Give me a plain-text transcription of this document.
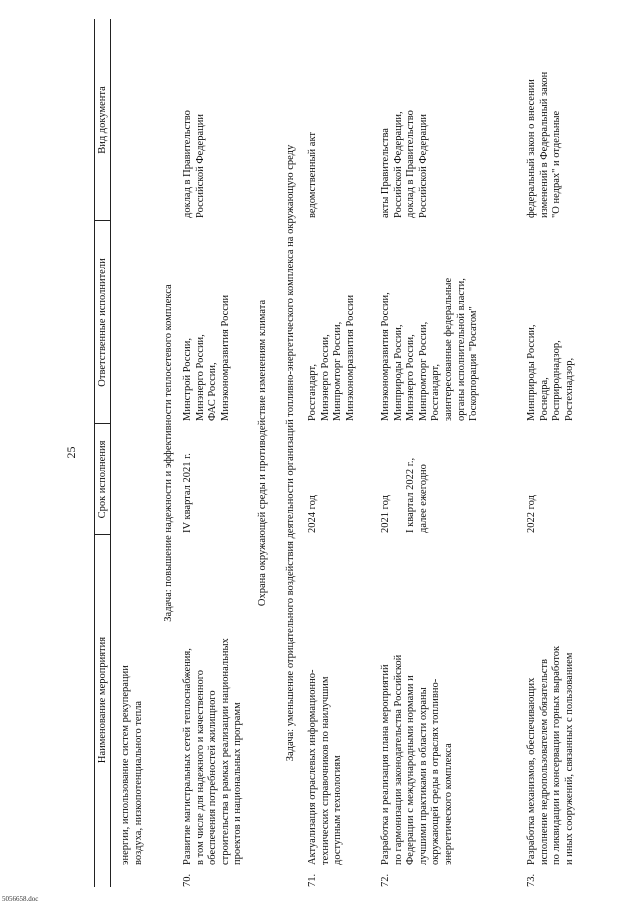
25
Наименование мероприятия
Срок исполнения
Ответственные исполнители
Вид документа
энергии, использование систем рекуперации
воздуха, низкопотенциального тепла
Задача: повышение надежности и эффективности теплосетевого комплекса
70.
Развитие магистральных сетей теплоснабжения,
в том числе для надежного и качественного
обеспечения потребностей жилищного
строительства в рамках реализации национальных
проектов и национальных программ
IV квартал 2021 г.
Минстрой России,
Минэнерго России,
ФАС России,
Минэкономразвития России
доклад в Правительство
Российской Федерации
Охрана окружающей среды и противодействие изменениям климата Задача: уменьшение отрицательного воздействия деятельности организаций топливно-энергетического комплекса на окружающую среду
71.
Актуализация отраслевых информационно-
технических справочников по наилучшим
доступным технологиям
2024 год
Росстандарт,
Минэнерго России,
Минпромторг России,
Минэкономразвития России
ведомственный акт
72.
Разработка и реализация плана мероприятий
по гармонизации законодательства Российской
Федерации с международными нормами и
лучшими практиками в области охраны
окружающей среды в отраслях топливно-
энергетического комплекса
2021 год

I квартал 2022 г.,
далее ежегодно
Минэкономразвития России,
Минприроды России,
Минэнерго России,
Минпромторг России,
Росстандарт,
заинтересованные федеральные
органы исполнительной власти,
Госкорпорация "Росатом"
акты Правительства
Российской Федерации,
доклад в Правительство
Российской Федерации
73.
Разработка механизмов, обеспечивающих
исполнение недропользователем обязательств
по ликвидации и консервации горных выработок
и иных сооружений, связанных с пользованием
2022 год
Минприроды России,
Роснедра,
Росприроднадзор,
Ростехнадзор,
федеральный закон о внесении
изменений в Федеральный закон
"О недрах" и отдельные
5056658.doc
